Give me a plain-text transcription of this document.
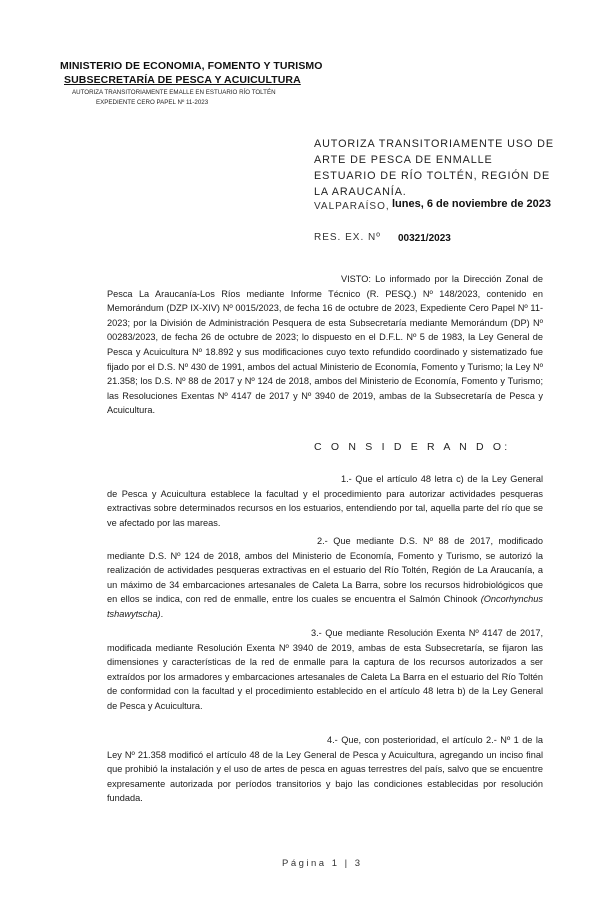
MINISTERIO DE ECONOMIA, FOMENTO Y TURISMO
SUBSECRETARÍA DE PESCA Y ACUICULTURA
AUTORIZA TRANSITORIAMENTE EMALLE EN ESTUARIO RÍO TOLTÉN
EXPEDIENTE CERO PAPEL Nº 11-2023
AUTORIZA TRANSITORIAMENTE USO DE ARTE DE PESCA DE ENMALLE ESTUARIO DE RÍO TOLTÉN, REGIÓN DE LA ARAUCANÍA.
VALPARAÍSO, lunes, 6 de noviembre de 2023
RES. EX. Nº 00321/2023
VISTO: Lo informado por la Dirección Zonal de Pesca La Araucanía-Los Ríos mediante Informe Técnico (R. PESQ.) Nº 148/2023, contenido en Memorándum (DZP IX-XIV) Nº 0015/2023, de fecha 16 de octubre de 2023, Expediente Cero Papel Nº 11-2023; por la División de Administración Pesquera de esta Subsecretaría mediante Memorándum (DP) Nº 00283/2023, de fecha 26 de octubre de 2023; lo dispuesto en el D.F.L. Nº 5 de 1983, la Ley General de Pesca y Acuicultura Nº 18.892 y sus modificaciones cuyo texto refundido coordinado y sistematizado fue fijado por el D.S. Nº 430 de 1991, ambos del actual Ministerio de Economía, Fomento y Turismo; la Ley Nº 21.358; los D.S. Nº 88 de 2017 y Nº 124 de 2018, ambos del Ministerio de Economía, Fomento y Turismo; las Resoluciones Exentas Nº 4147 de 2017 y Nº 3940 de 2019, ambas de la Subsecretaría de Pesca y Acuicultura.
C O N S I D E R A N D O:
1.- Que el artículo 48 letra c) de la Ley General de Pesca y Acuicultura establece la facultad y el procedimiento para autorizar actividades pesqueras extractivas sobre determinados recursos en los estuarios, entendiendo por tal, aquella parte del río que se ve afectado por las mareas.
2.- Que mediante D.S. Nº 88 de 2017, modificado mediante D.S. Nº 124 de 2018, ambos del Ministerio de Economía, Fomento y Turismo, se autorizó la realización de actividades pesqueras extractivas en el estuario del Río Toltén, Región de La Araucanía, a un máximo de 34 embarcaciones artesanales de Caleta La Barra, sobre los recursos hidrobiológicos que en ellos se indica, con red de enmalle, entre los cuales se encuentra el Salmón Chinook (Oncorhynchus tshawytscha).
3.- Que mediante Resolución Exenta Nº 4147 de 2017, modificada mediante Resolución Exenta Nº 3940 de 2019, ambas de esta Subsecretaría, se fijaron las dimensiones y características de la red de enmalle para la captura de los recursos autorizados a ser extraídos por los armadores y embarcaciones artesanales de Caleta La Barra en el estuario del Río Toltén de conformidad con la facultad y el procedimiento establecido en el artículo 48 letra b) de la Ley General de Pesca y Acuicultura.
4.- Que, con posterioridad, el artículo 2.- Nº 1 de la Ley Nº 21.358 modificó el artículo 48 de la Ley General de Pesca y Acuicultura, agregando un inciso final que prohibió la instalación y el uso de artes de pesca en aguas terrestres del país, salvo que se encuentre expresamente autorizada por períodos transitorios y bajo las condiciones establecidas por resolución fundada.
Página 1 | 3
